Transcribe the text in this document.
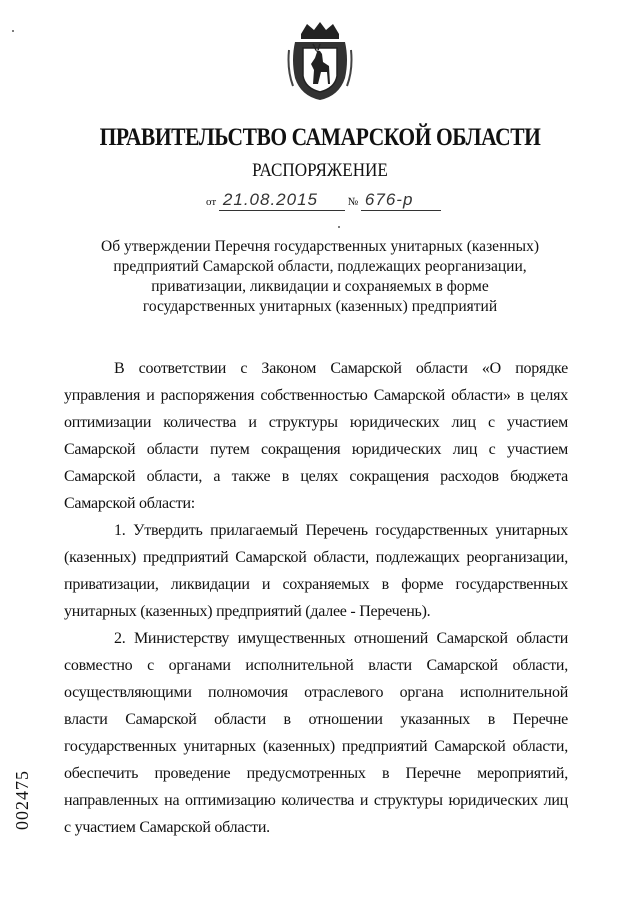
ПРАВИТЕЛЬСТВО САМАРСКОЙ ОБЛАСТИ
РАСПОРЯЖЕНИЕ
от 21.08.2015	№ 676-р
Об утверждении Перечня государственных унитарных (казенных)
предприятий Самарской области, подлежащих реорганизации,
приватизации, ликвидации и сохраняемых в форме
государственных унитарных (казенных) предприятий
В соответствии с Законом Самарской области «О порядке
управления и распоряжения собственностью Самарской области» в целях
оптимизации количества и структуры юридических лиц с участием
Самарской области путем сокращения юридических лиц с участием
Самарской области, а также в целях сокращения расходов бюджета
Самарской области:
1. Утвердить прилагаемый Перечень государственных унитарных
(казенных) предприятий Самарской области, подлежащих реорганизации,
приватизации, ликвидации и сохраняемых в форме государственных
унитарных (казенных) предприятий (далее - Перечень).
2. Министерству имущественных отношений Самарской области
совместно с органами исполнительной власти Самарской области,
осуществляющими полномочия отраслевого органа исполнительной
власти Самарской области в отношении указанных в Перечне
государственных унитарных (казенных) предприятий Самарской области,
обеспечить проведение предусмотренных в Перечне мероприятий,
направленных на оптимизацию количества и структуры юридических лиц
с участием Самарской области.
002475
